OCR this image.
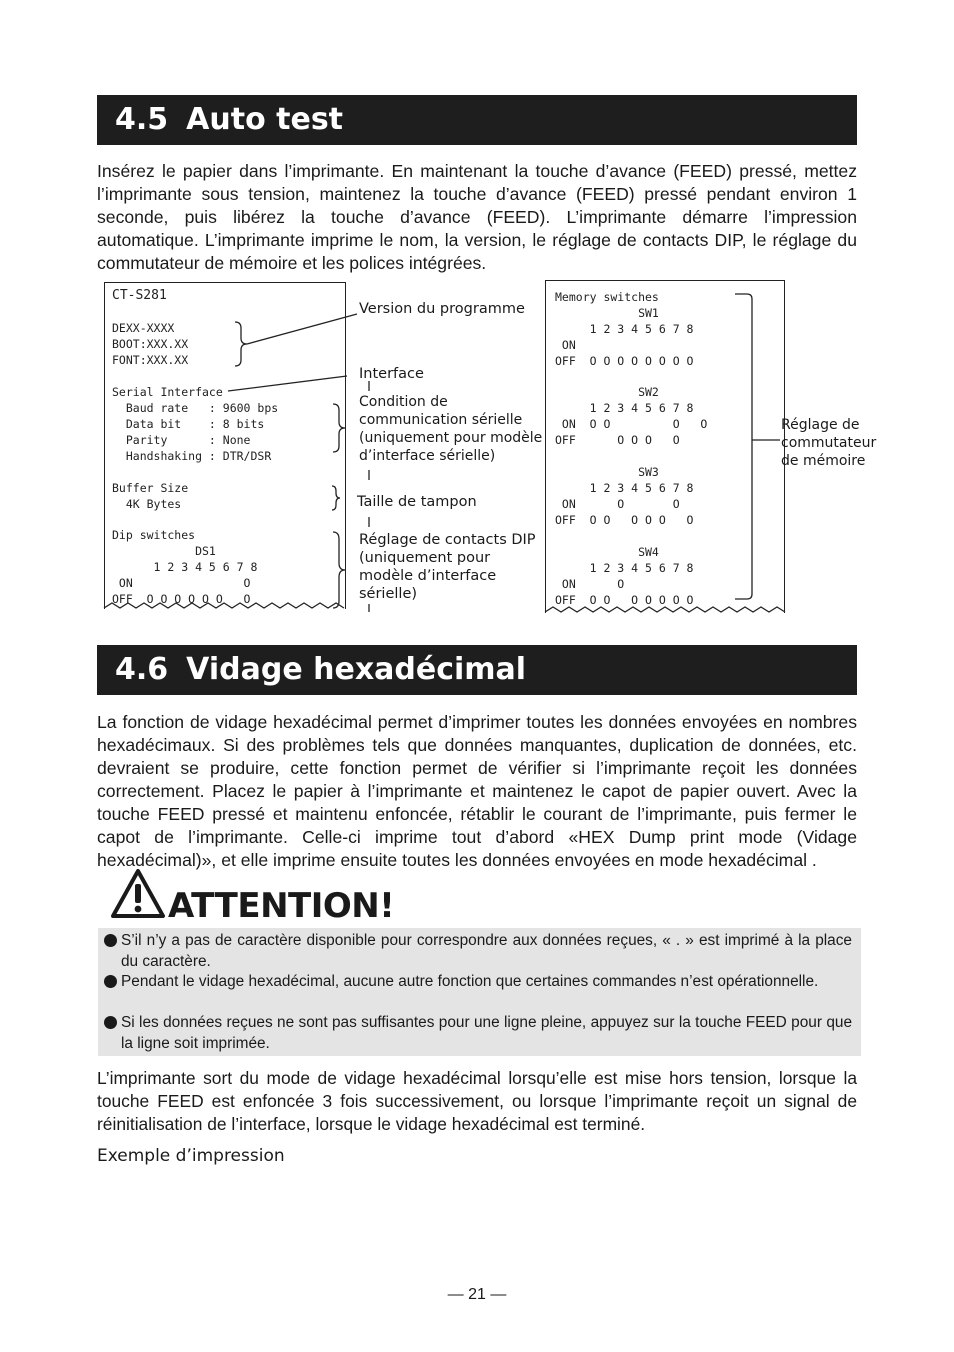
4.5 Auto test

Insérez le papier dans l’imprimante. En maintenant la touche d’avance (FEED) pressé, mettez l’imprimante sous tension, maintenez la touche d’avance (FEED) pressé pendant environ 1 seconde, puis libérez la touche d’avance (FEED). L’imprimante démarre l’impression automatique. L’imprimante imprime le nom, la version, le réglage de contacts DIP, le réglage du commutateur de mémoire et les polices intégrées.

CT-S281

DEXX-XXXX
BOOT:XXX.XX
FONT:XXX.XX

Serial Interface

Baud rate   : 9600 bps
Data bit    : 8 bits
Parity      : None
Handshaking : DTR/DSR

Buffer Size
4K Bytes

Dip switches
DS1
1 2 3 4 5 6 7 8
ON                O
OFF  O O O O O O   O

Version du programme

Interface

Condition de
communication sérielle
(uniquement pour modèle
d’interface sérielle)

Taille de tampon

Réglage de contacts DIP
(uniquement pour
modèle d’interface
sérielle)

Memory switches

SW1
1 2 3 4 5 6 7 8
ON
OFF  O O O O O O O O

SW2
1 2 3 4 5 6 7 8
ON  O O         O   O
OFF      O O O   O

SW3
1 2 3 4 5 6 7 8
ON      O       O
OFF  O O   O O O   O

SW4
1 2 3 4 5 6 7 8
ON      O
OFF  O O   O O O O O

Réglage de
commutateur
de mémoire

4.6 Vidage hexadécimal

La fonction de vidage hexadécimal permet d’imprimer toutes les données envoyées en nombres hexadécimaux. Si des problèmes tels que données manquantes, duplication de données, etc. devraient se produire, cette fonction permet de vérifier si l’imprimante reçoit les données correctement. Placez le papier à l’imprimante et maintenez le capot de papier ouvert. Avec la touche FEED pressé et maintenu enfoncée, rétablir le courant de l’imprimante, puis fermer le capot de l’imprimante. Celle-ci imprime tout d’abord «HEX Dump print mode (Vidage hexadécimal)», et elle imprime ensuite toutes les données envoyées en mode hexadécimal .

ATTENTION!

S’il n’y a pas de caractère disponible pour correspondre aux données reçues, « . » est imprimé à la place du caractère.

Pendant le vidage hexadécimal, aucune autre fonction que certaines commandes n’est opérationnelle.

Si les données reçues ne sont pas suffisantes pour une ligne pleine, appuyez sur la touche FEED pour que la ligne soit imprimée.

L’imprimante sort du mode de vidage hexadécimal lorsqu’elle est mise hors tension, lorsque la touche FEED est enfoncée 3 fois successivement, ou lorsque l’imprimante reçoit un signal de réinitialisation de l’interface, lorsque le vidage hexadécimal est terminé.

Exemple d’impression

— 21 —
